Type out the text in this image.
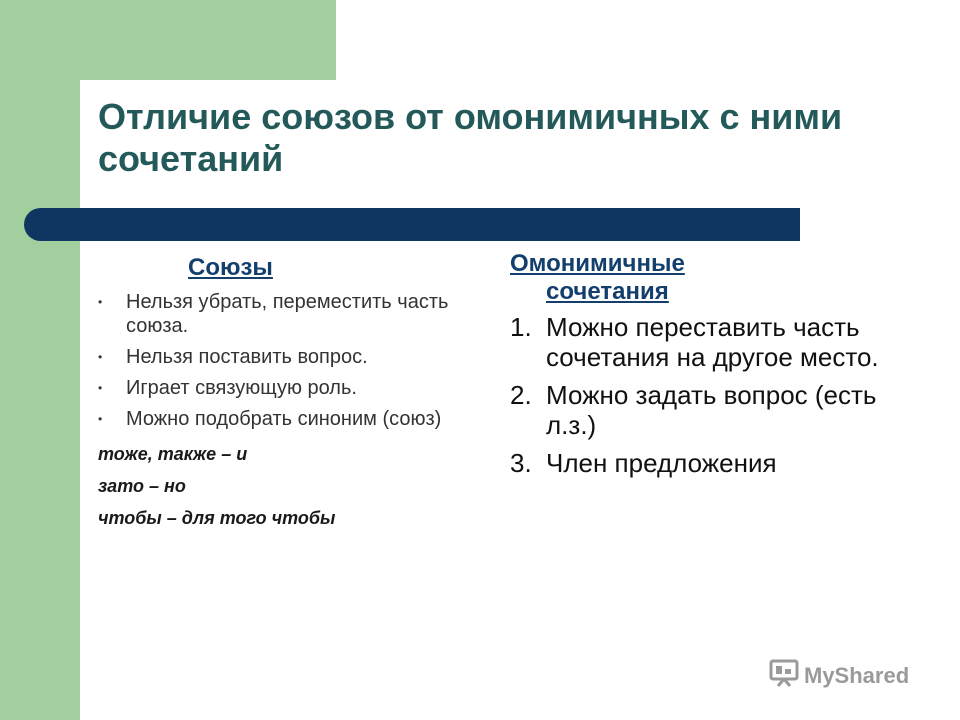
Отличие союзов от омонимичных с ними сочетаний
Союзы
• Нельзя убрать, переместить часть союза.
• Нельзя поставить вопрос.
• Играет связующую роль.
• Можно подобрать синоним (союз)
тоже, также – и
зато – но
чтобы – для того чтобы
Омонимичные
сочетания
1. Можно переставить часть сочетания на другое место.
2. Можно задать вопрос (есть л.з.)
3. Член предложения
MyShared
